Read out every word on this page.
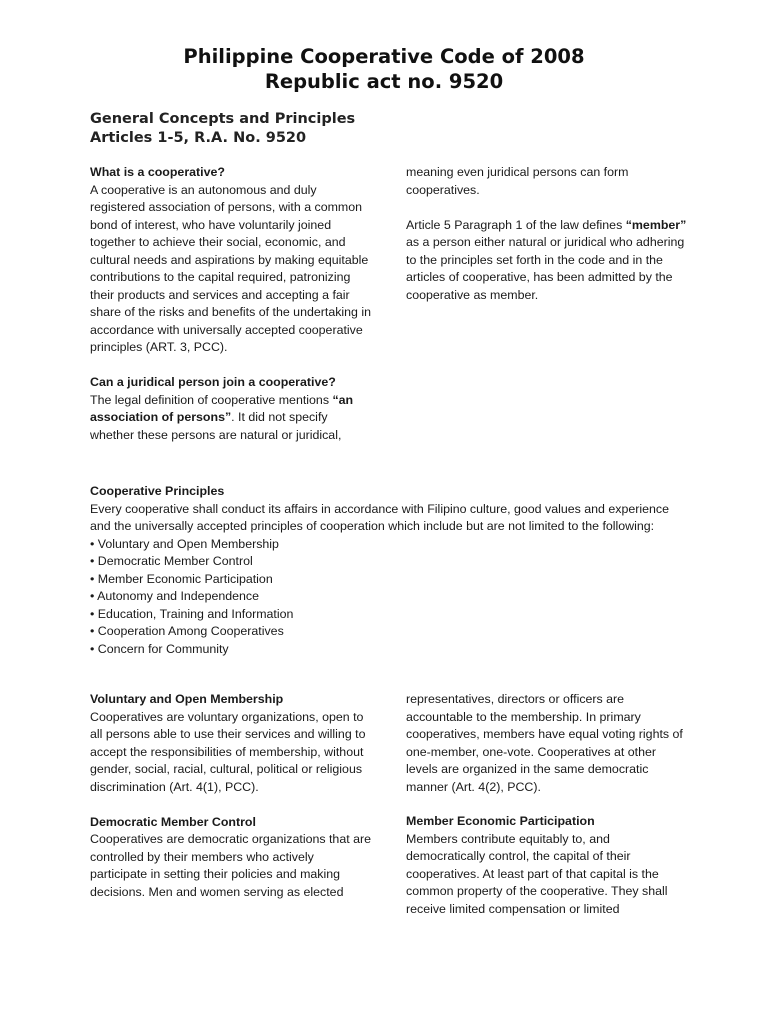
Philippine Cooperative Code of 2008
Republic act no. 9520
General Concepts and Principles
Articles 1-5, R.A. No. 9520

What is a cooperative?

A cooperative is an autonomous and duly registered association of persons, with a common bond of interest, who have voluntarily joined together to achieve their social, economic, and cultural needs and aspirations by making equitable contributions to the capital required, patronizing their products and services and accepting a fair share of the risks and benefits of the undertaking in accordance with universally accepted cooperative principles (ART. 3, PCC).

Can a juridical person join a cooperative?

The legal definition of cooperative mentions “an association of persons”. It did not specify whether these persons are natural or juridical,

meaning even juridical persons can form cooperatives.

Article 5 Paragraph 1 of the law defines “member” as a person either natural or juridical who adhering to the principles set forth in the code and in the articles of cooperative, has been admitted by the cooperative as member.

Cooperative Principles

Every cooperative shall conduct its affairs in accordance with Filipino culture, good values and experience and the universally accepted principles of cooperation which include but are not limited to the following:

• Voluntary and Open Membership
• Democratic Member Control
• Member Economic Participation
• Autonomy and Independence
• Education, Training and Information
• Cooperation Among Cooperatives
• Concern for Community

Voluntary and Open Membership

Cooperatives are voluntary organizations, open to all persons able to use their services and willing to accept the responsibilities of membership, without gender, social, racial, cultural, political or religious discrimination (Art. 4(1), PCC).

Democratic Member Control

Cooperatives are democratic organizations that are controlled by their members who actively participate in setting their policies and making decisions. Men and women serving as elected

representatives, directors or officers are accountable to the membership. In primary cooperatives, members have equal voting rights of one-member, one-vote. Cooperatives at other levels are organized in the same democratic manner (Art. 4(2), PCC).

Member Economic Participation

Members contribute equitably to, and democratically control, the capital of their cooperatives. At least part of that capital is the common property of the cooperative. They shall receive limited compensation or limited
